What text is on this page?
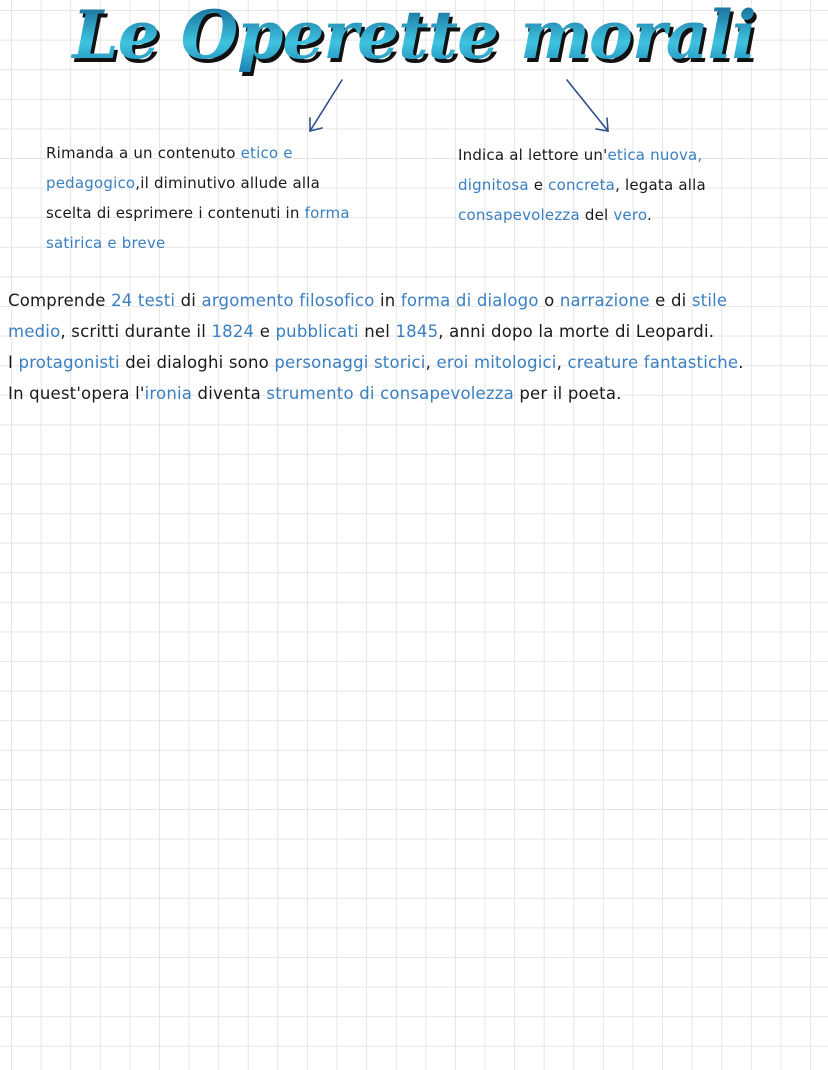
Le Operette morali
Rimanda a un contenuto etico e
pedagogico,il diminutivo allude alla
scelta di esprimere i contenuti in forma
satirica e breve
Indica al lettore un'etica nuova,
dignitosa e concreta, legata alla
consapevolezza del vero.
Comprende 24 testi di argomento filosofico in forma di dialogo o narrazione e di stile
medio, scritti durante il 1824 e pubblicati nel 1845, anni dopo la morte di Leopardi.
I protagonisti dei dialoghi sono personaggi storici, eroi mitologici, creature fantastiche.
In quest'opera l'ironia diventa strumento di consapevolezza per il poeta.
